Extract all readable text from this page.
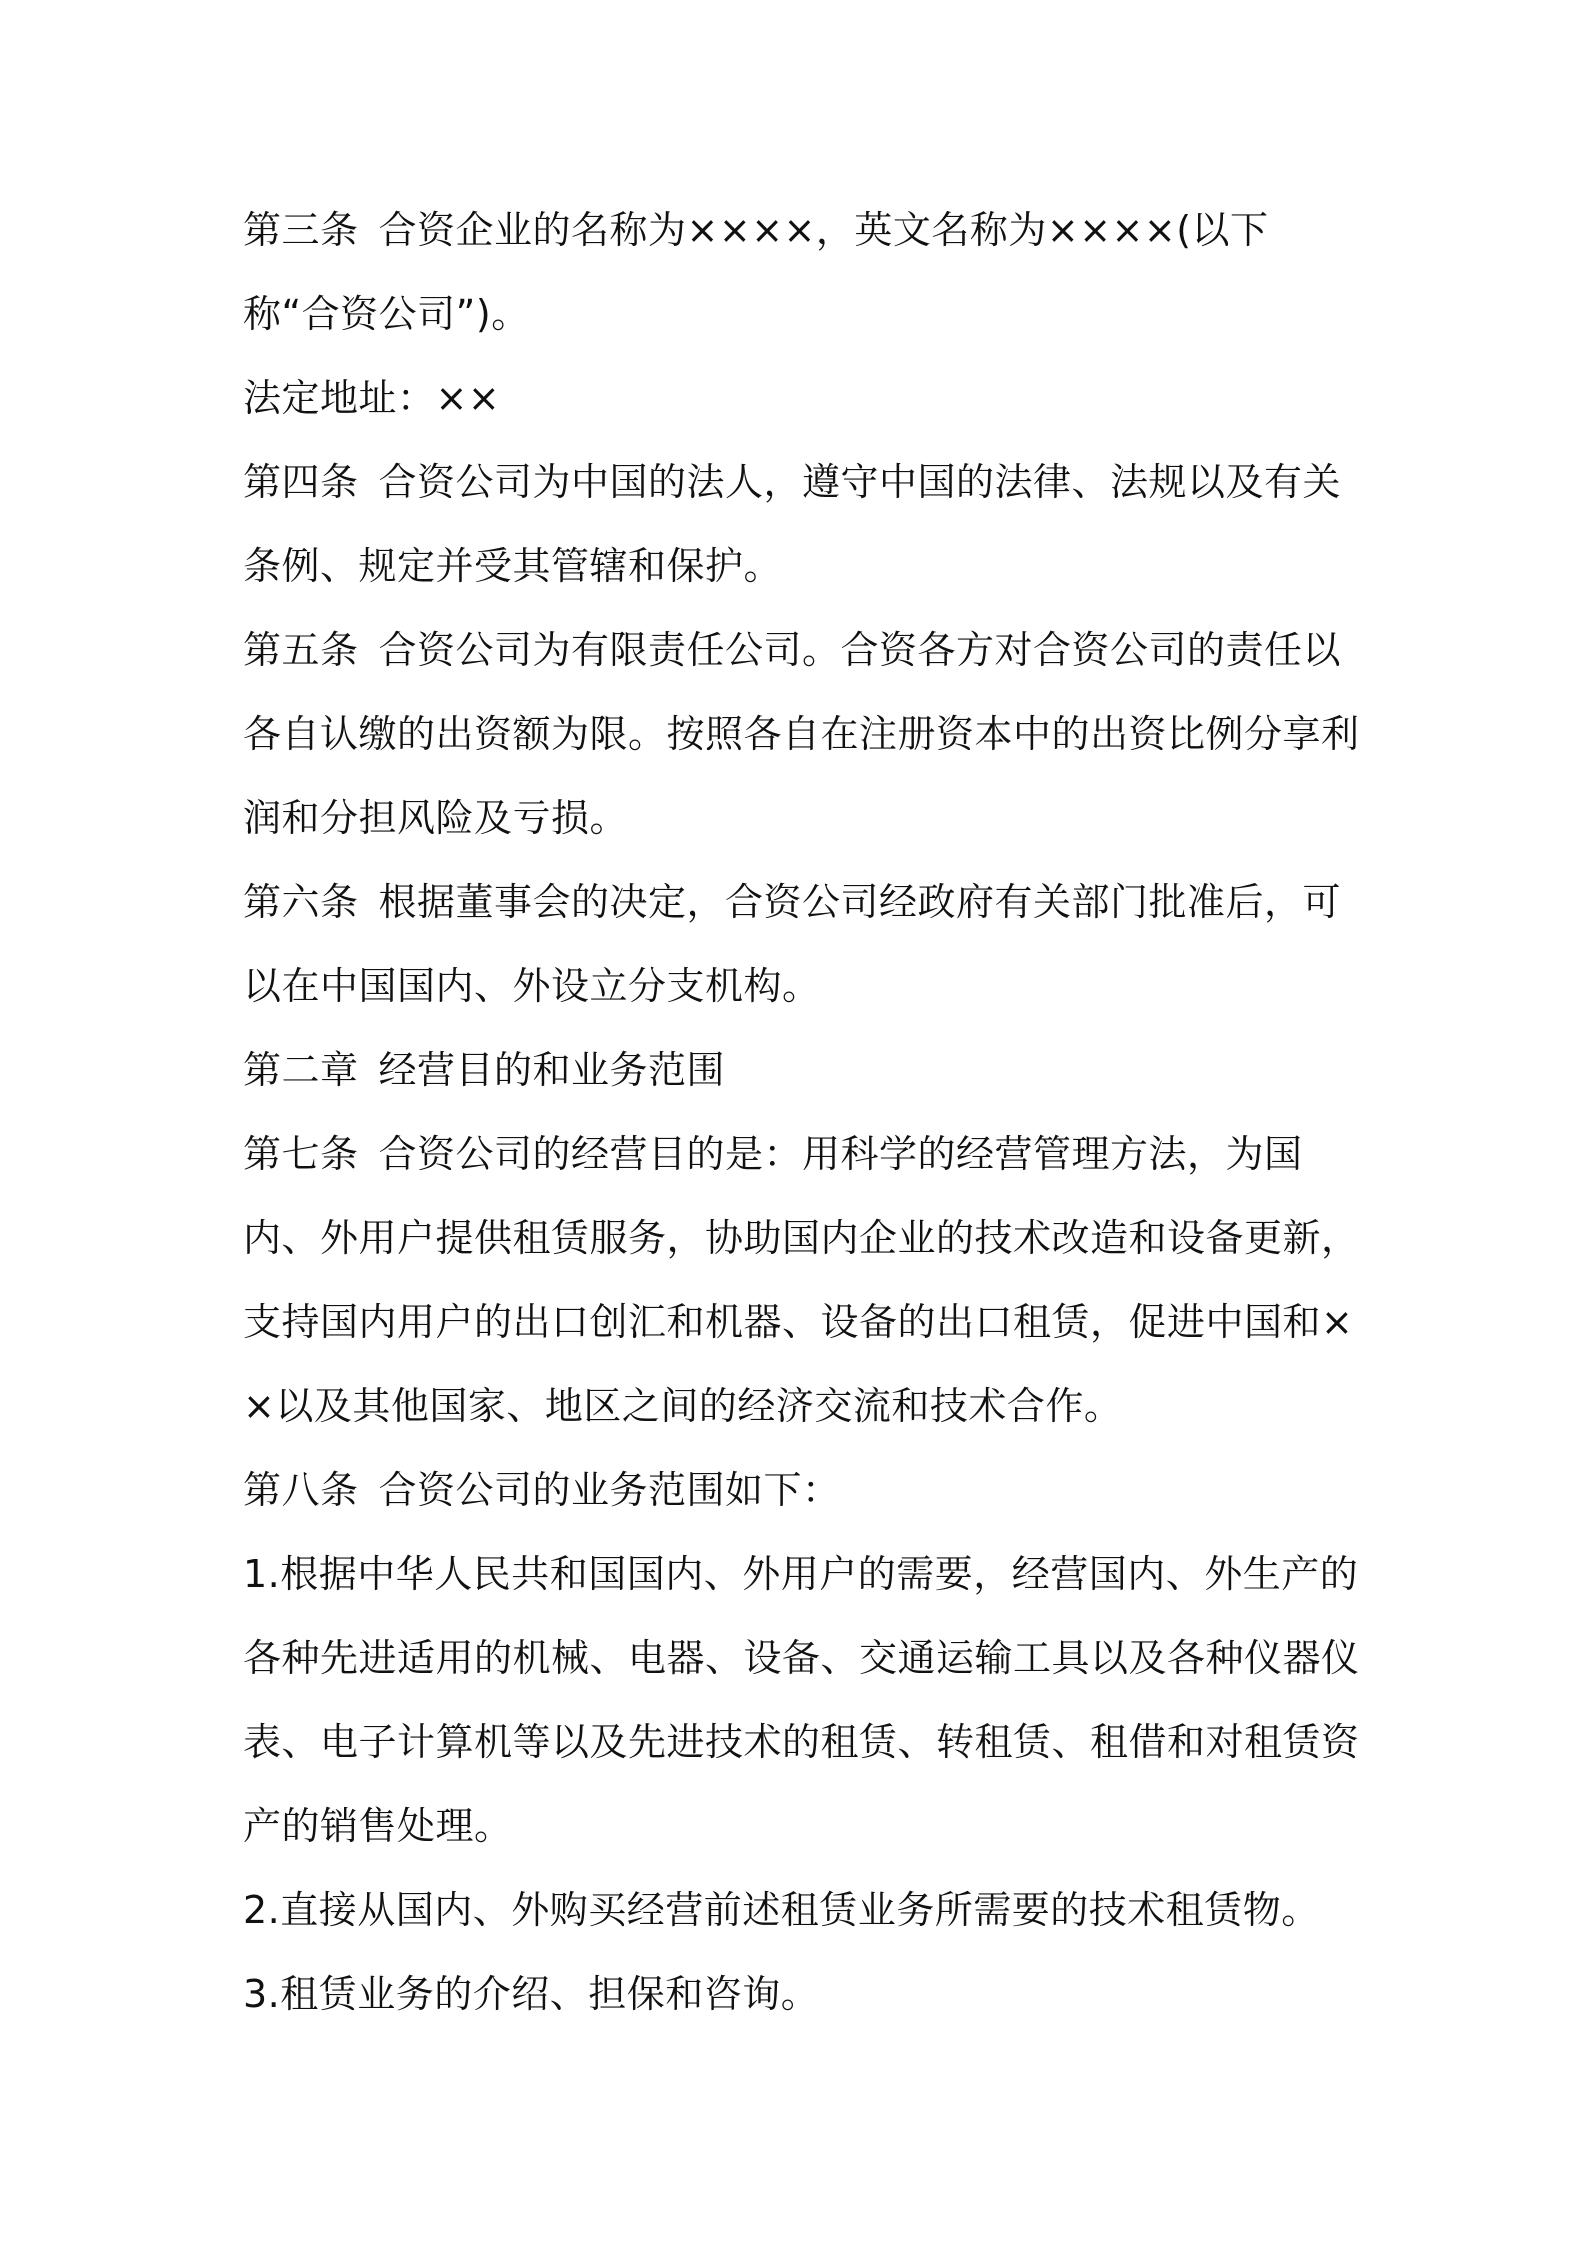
第三条 合资企业的名称为××××，英文名称为××××(以下称“合资公司”)。

法定地址：××

第四条 合资公司为中国的法人，遵守中国的法律、法规以及有关条例、规定并受其管辖和保护。

第五条 合资公司为有限责任公司。合资各方对合资公司的责任以各自认缴的出资额为限。按照各自在注册资本中的出资比例分享利润和分担风险及亏损。

第六条 根据董事会的决定，合资公司经政府有关部门批准后，可以在中国国内、外设立分支机构。

第二章 经营目的和业务范围

第七条 合资公司的经营目的是：用科学的经营管理方法，为国内、外用户提供租赁服务，协助国内企业的技术改造和设备更新，支持国内用户的出口创汇和机器、设备的出口租赁，促进中国和××以及其他国家、地区之间的经济交流和技术合作。

第八条 合资公司的业务范围如下：

1.根据中华人民共和国国内、外用户的需要，经营国内、外生产的各种先进适用的机械、电器、设备、交通运输工具以及各种仪器仪表、电子计算机等以及先进技术的租赁、转租赁、租借和对租赁资产的销售处理。

2.直接从国内、外购买经营前述租赁业务所需要的技术租赁物。

3.租赁业务的介绍、担保和咨询。
